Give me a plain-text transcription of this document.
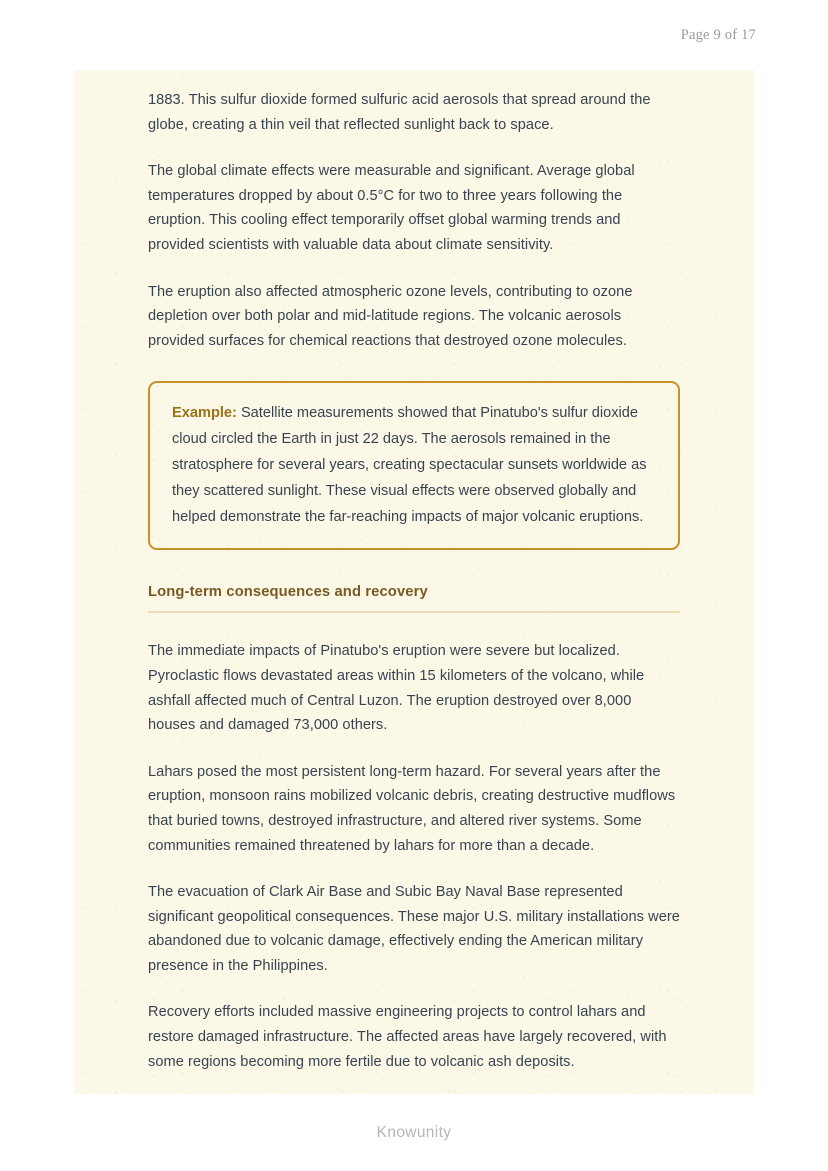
Page 9 of 17

1883. This sulfur dioxide formed sulfuric acid aerosols that spread around the globe, creating a thin veil that reflected sunlight back to space.

The global climate effects were measurable and significant. Average global temperatures dropped by about 0.5°C for two to three years following the eruption. This cooling effect temporarily offset global warming trends and provided scientists with valuable data about climate sensitivity.

The eruption also affected atmospheric ozone levels, contributing to ozone depletion over both polar and mid-latitude regions. The volcanic aerosols provided surfaces for chemical reactions that destroyed ozone molecules.

Example: Satellite measurements showed that Pinatubo's sulfur dioxide cloud circled the Earth in just 22 days. The aerosols remained in the stratosphere for several years, creating spectacular sunsets worldwide as they scattered sunlight. These visual effects were observed globally and helped demonstrate the far-reaching impacts of major volcanic eruptions.

Long-term consequences and recovery

The immediate impacts of Pinatubo's eruption were severe but localized. Pyroclastic flows devastated areas within 15 kilometers of the volcano, while ashfall affected much of Central Luzon. The eruption destroyed over 8,000 houses and damaged 73,000 others.

Lahars posed the most persistent long-term hazard. For several years after the eruption, monsoon rains mobilized volcanic debris, creating destructive mudflows that buried towns, destroyed infrastructure, and altered river systems. Some communities remained threatened by lahars for more than a decade.

The evacuation of Clark Air Base and Subic Bay Naval Base represented significant geopolitical consequences. These major U.S. military installations were abandoned due to volcanic damage, effectively ending the American military presence in the Philippines.

Recovery efforts included massive engineering projects to control lahars and restore damaged infrastructure. The affected areas have largely recovered, with some regions becoming more fertile due to volcanic ash deposits.

Knowunity
